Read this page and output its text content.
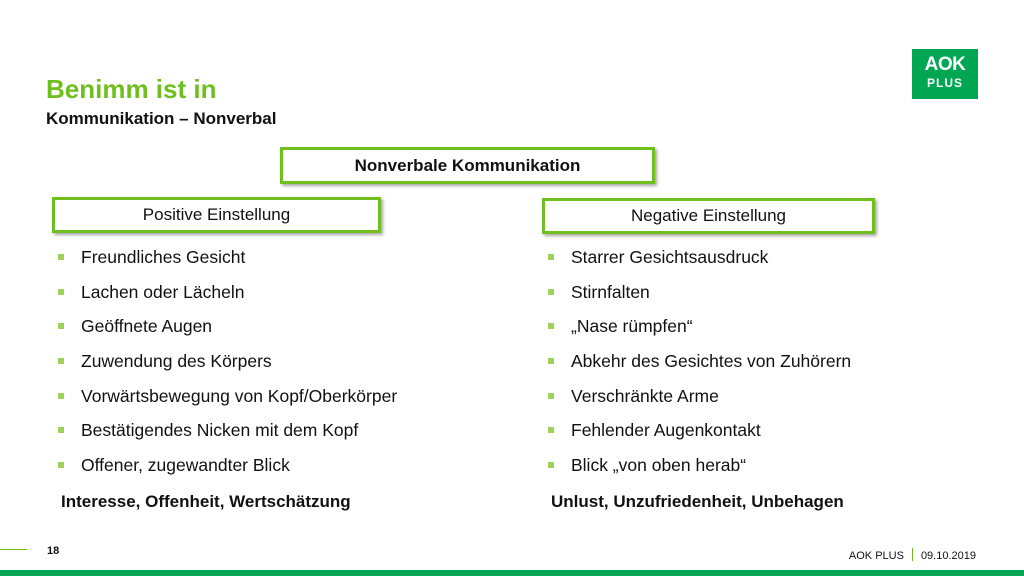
Benimm ist in
Kommunikation – Nonverbal
AOK
PLUS
Nonverbale Kommunikation
Positive Einstellung	Negative Einstellung
Freundliches Gesicht
Lachen oder Lächeln
Geöffnete Augen
Zuwendung des Körpers
Vorwärtsbewegung von Kopf/Oberkörper
Bestätigendes Nicken mit dem Kopf
Offener, zugewandter Blick
Starrer Gesichtsausdruck
Stirnfalten
„Nase rümpfen“
Abkehr des Gesichtes von Zuhörern
Verschränkte Arme
Fehlender Augenkontakt
Blick „von oben herab“
Interesse, Offenheit, Wertschätzung	Unlust, Unzufriedenheit, Unbehagen
18	AOK PLUS 09.10.2019
